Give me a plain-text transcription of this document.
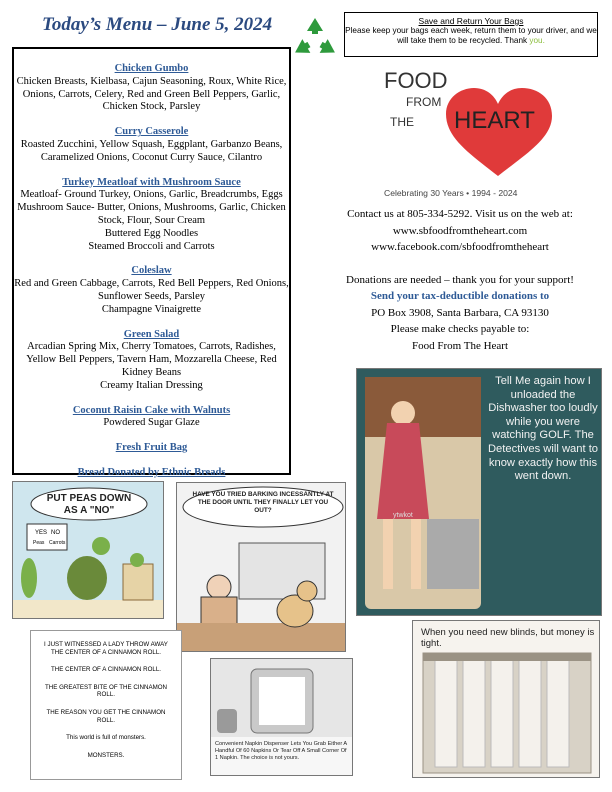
Today’s Menu – June 5, 2024	Save and Return Your Bags
Please keep your bags each week, return them to your driver, and we will take them to be recycled. Thank you.
Chicken Gumbo
Chicken Breasts, Kielbasa, Cajun Seasoning, Roux, White Rice, Onions, Carrots, Celery, Red and Green Bell Peppers, Garlic, Chicken Stock, Parsley
Curry Casserole
Roasted Zucchini, Yellow Squash, Eggplant, Garbanzo Beans, Caramelized Onions, Coconut Curry Sauce, Cilantro
Turkey Meatloaf with Mushroom Sauce
Meatloaf- Ground Turkey, Onions, Garlic, Breadcrumbs, Eggs Mushroom Sauce- Butter, Onions, Mushrooms, Garlic, Chicken Stock, Flour, Sour Cream
Buttered Egg Noodles
Steamed Broccoli and Carrots
Coleslaw
Red and Green Cabbage, Carrots, Red Bell Peppers, Red Onions, Sunflower Seeds, Parsley
Champagne Vinaigrette
Green Salad
Arcadian Spring Mix, Cherry Tomatoes, Carrots, Radishes, Yellow Bell Peppers, Tavern Ham, Mozzarella Cheese, Red Kidney Beans
Creamy Italian Dressing
Coconut Raisin Cake with Walnuts
Powdered Sugar Glaze
Fresh Fruit Bag
Bread Donated by Ethnic Breads
FOOD
FROM
THE HEART
Celebrating 30 Years • 1994 - 2024
Contact us at 805-334-5292. Visit us on the web at:
www.sbfoodfromtheheart.com
www.facebook.com/sbfoodfromtheheart
Donations are needed – thank you for your support!
Send your tax-deductible donations to
PO Box 3908, Santa Barbara, CA 93130
Please make checks payable to:
Food From The Heart
PUT PEAS DOWN
AS A "NO"
YES NO
Peas Carrots
HAVE YOU TRIED BARKING INCESSANTLY AT THE DOOR UNTIL THEY FINALLY LET YOU OUT?
ytwkot
Tell Me again how I unloaded the Dishwasher too loudly while you were watching GOLF. The Detectives will want to know exactly how this went down.

I JUST WITNESSED A LADY THROW AWAY THE CENTER OF A CINNAMON ROLL.

THE CENTER OF A CINNAMON ROLL.

THE GREATEST BITE OF THE CINNAMON ROLL.

THE REASON YOU GET THE CINNAMON ROLL.

This world is full of monsters.

MONSTERS.

Convenient Napkin Dispenser Lets You Grab Either A Handful Of 60 Napkins Or Tear Off A Small Corner Of 1 Napkin. The choice is not yours.
When you need new blinds, but money is tight.
